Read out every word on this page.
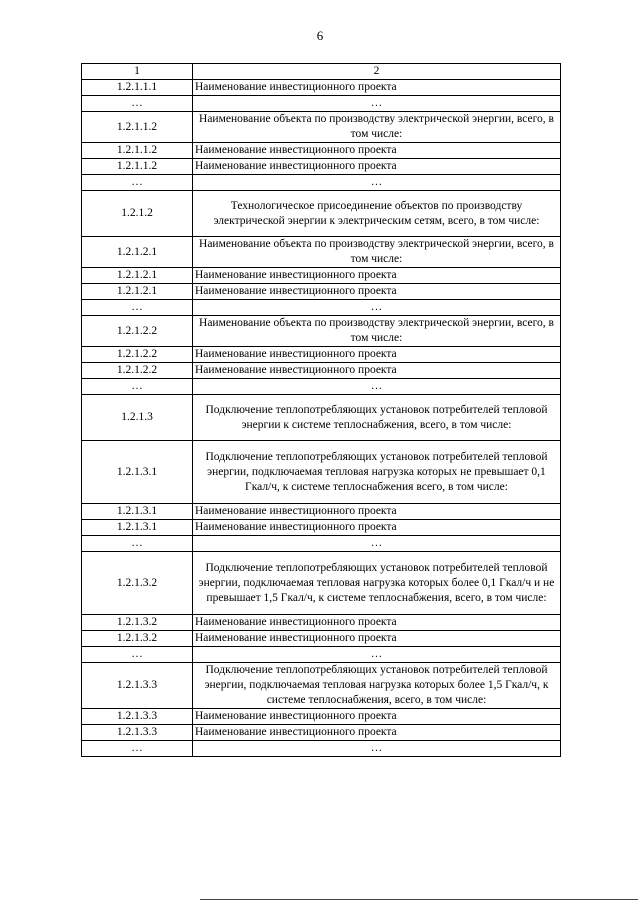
6
1	2
1.2.1.1.1	Наименование инвестиционного проекта
…	…
1.2.1.1.2	Наименование объекта по производству электрической энергии, всего, в том числе:
1.2.1.1.2	Наименование инвестиционного проекта
1.2.1.1.2	Наименование инвестиционного проекта
…	…
1.2.1.2	Технологическое присоединение объектов по производству электрической энергии к электрическим сетям, всего, в том числе:
1.2.1.2.1	Наименование объекта по производству электрической энергии, всего, в том числе:
1.2.1.2.1	Наименование инвестиционного проекта
1.2.1.2.1	Наименование инвестиционного проекта
…	…
1.2.1.2.2	Наименование объекта по производству электрической энергии, всего, в том числе:
1.2.1.2.2	Наименование инвестиционного проекта
1.2.1.2.2	Наименование инвестиционного проекта
…	…
1.2.1.3	Подключение теплопотребляющих установок потребителей тепловой энергии к системе теплоснабжения, всего, в том числе:
1.2.1.3.1	Подключение теплопотребляющих установок потребителей тепловой энергии, подключаемая тепловая нагрузка которых не превышает 0,1 Гкал/ч, к системе теплоснабжения всего, в том числе:
1.2.1.3.1	Наименование инвестиционного проекта
1.2.1.3.1	Наименование инвестиционного проекта
…	…
1.2.1.3.2	Подключение теплопотребляющих установок потребителей тепловой энергии, подключаемая тепловая нагрузка которых более 0,1 Гкал/ч и не превышает 1,5 Гкал/ч, к системе теплоснабжения, всего, в том числе:
1.2.1.3.2	Наименование инвестиционного проекта
1.2.1.3.2	Наименование инвестиционного проекта
…	…
1.2.1.3.3	Подключение теплопотребляющих установок потребителей тепловой энергии, подключаемая тепловая нагрузка которых более 1,5 Гкал/ч, к системе теплоснабжения, всего, в том числе:
1.2.1.3.3	Наименование инвестиционного проекта
1.2.1.3.3	Наименование инвестиционного проекта
…	…
